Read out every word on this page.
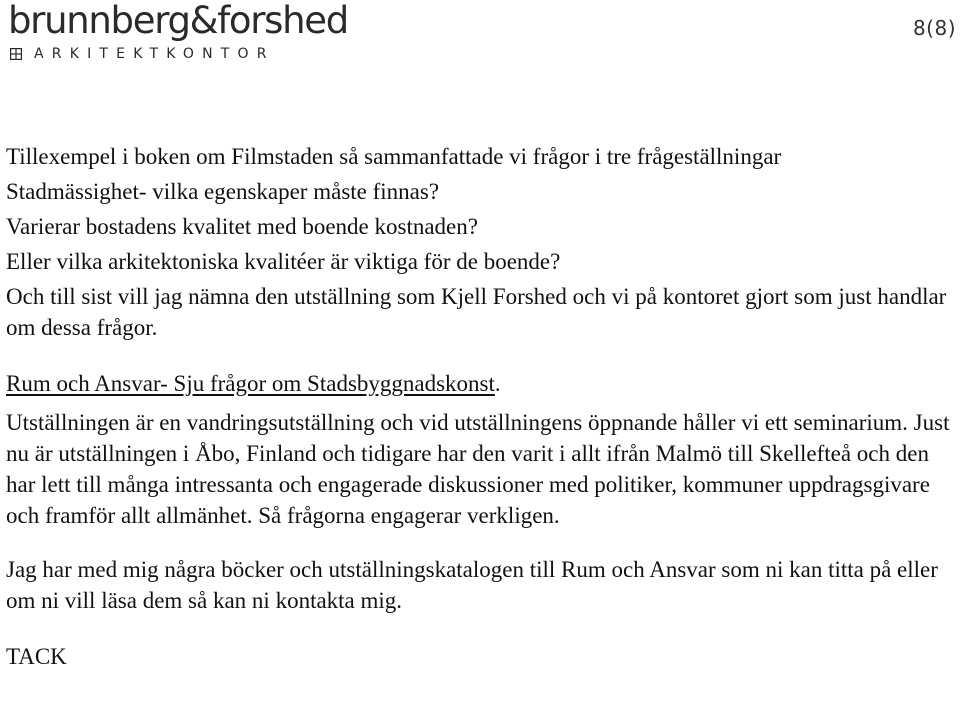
brunnberg&forshed
ARKITEKTKONTOR
8(8)
Tillexempel i boken om Filmstaden så sammanfattade vi frågor i tre frågeställningar
Stadmässighet- vilka egenskaper måste finnas?
Varierar bostadens kvalitet med boende kostnaden?
Eller vilka arkitektoniska kvalitéer är viktiga för de boende?

Och till sist vill jag nämna den utställning som Kjell Forshed och vi på kontoret gjort som just handlar om dessa frågor.

Rum och Ansvar- Sju frågor om Stadsbyggnadskonst.

Utställningen är en vandringsutställning och vid utställningens öppnande håller vi ett seminarium. Just nu är utställningen i Åbo, Finland och tidigare har den varit i allt ifrån Malmö till Skellefteå och den har lett till många intressanta och engagerade diskussioner med politiker, kommuner uppdragsgivare och framför allt allmänhet. Så frågorna engagerar verkligen.

Jag har med mig några böcker och utställningskatalogen till Rum och Ansvar som ni kan titta på eller om ni vill läsa dem så kan ni kontakta mig.

TACK
